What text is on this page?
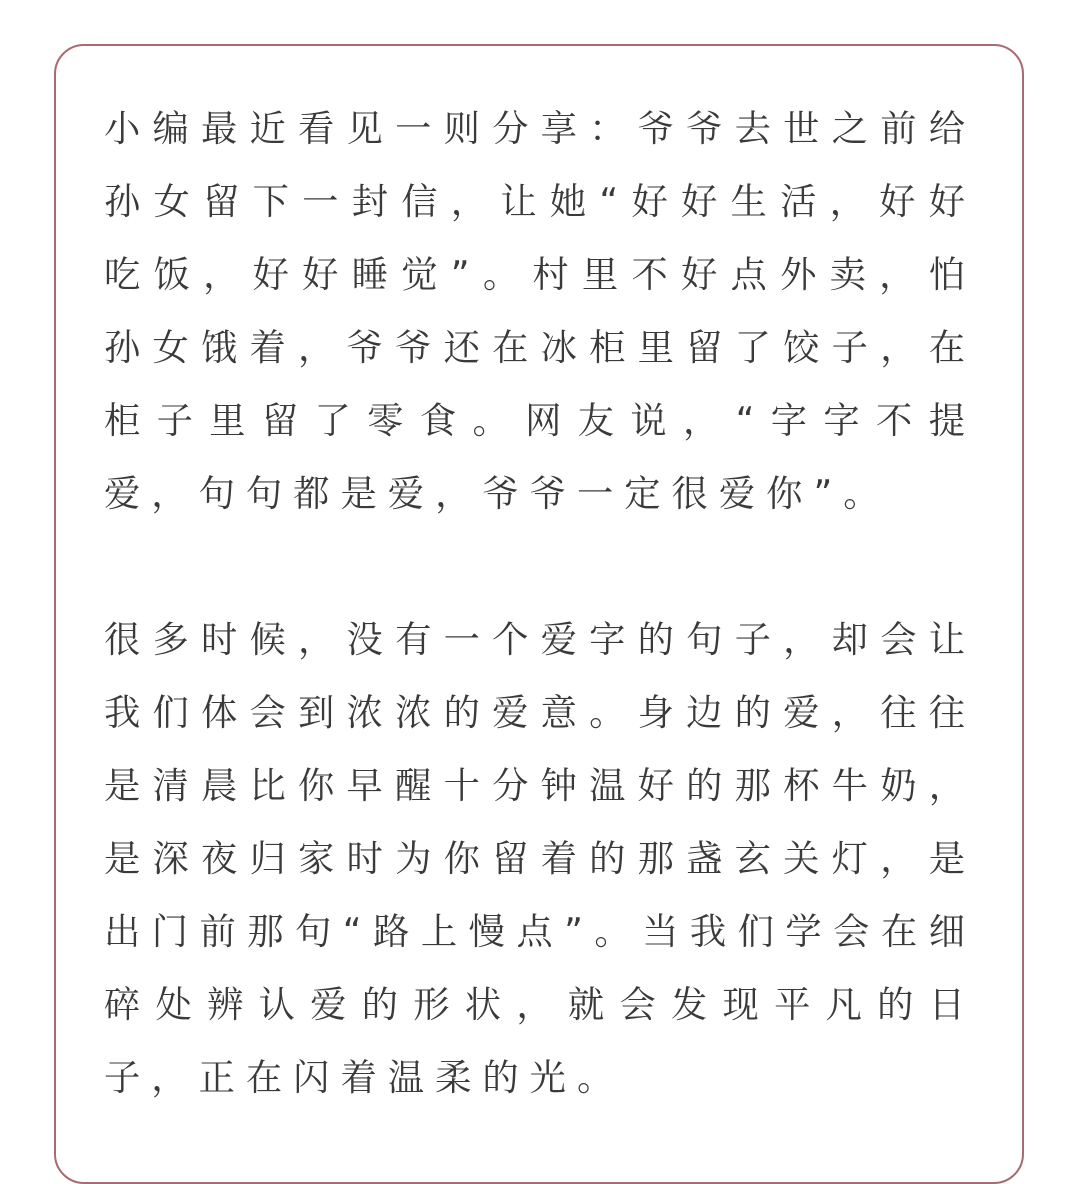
小编最近看见一则分享：爷爷去世之前给孙女留下一封信，让她“好好生活，好好吃饭，好好睡觉”。村里不好点外卖，怕孙女饿着，爷爷还在冰柜里留了饺子，在柜子里留了零食。网友说，“字字不提爱，句句都是爱，爷爷一定很爱你”。

很多时候，没有一个爱字的句子，却会让我们体会到浓浓的爱意。身边的爱，往往是清晨比你早醒十分钟温好的那杯牛奶，是深夜归家时为你留着的那盏玄关灯，是出门前那句“路上慢点”。当我们学会在细碎处辨认爱的形状，就会发现平凡的日子，正在闪着温柔的光。
